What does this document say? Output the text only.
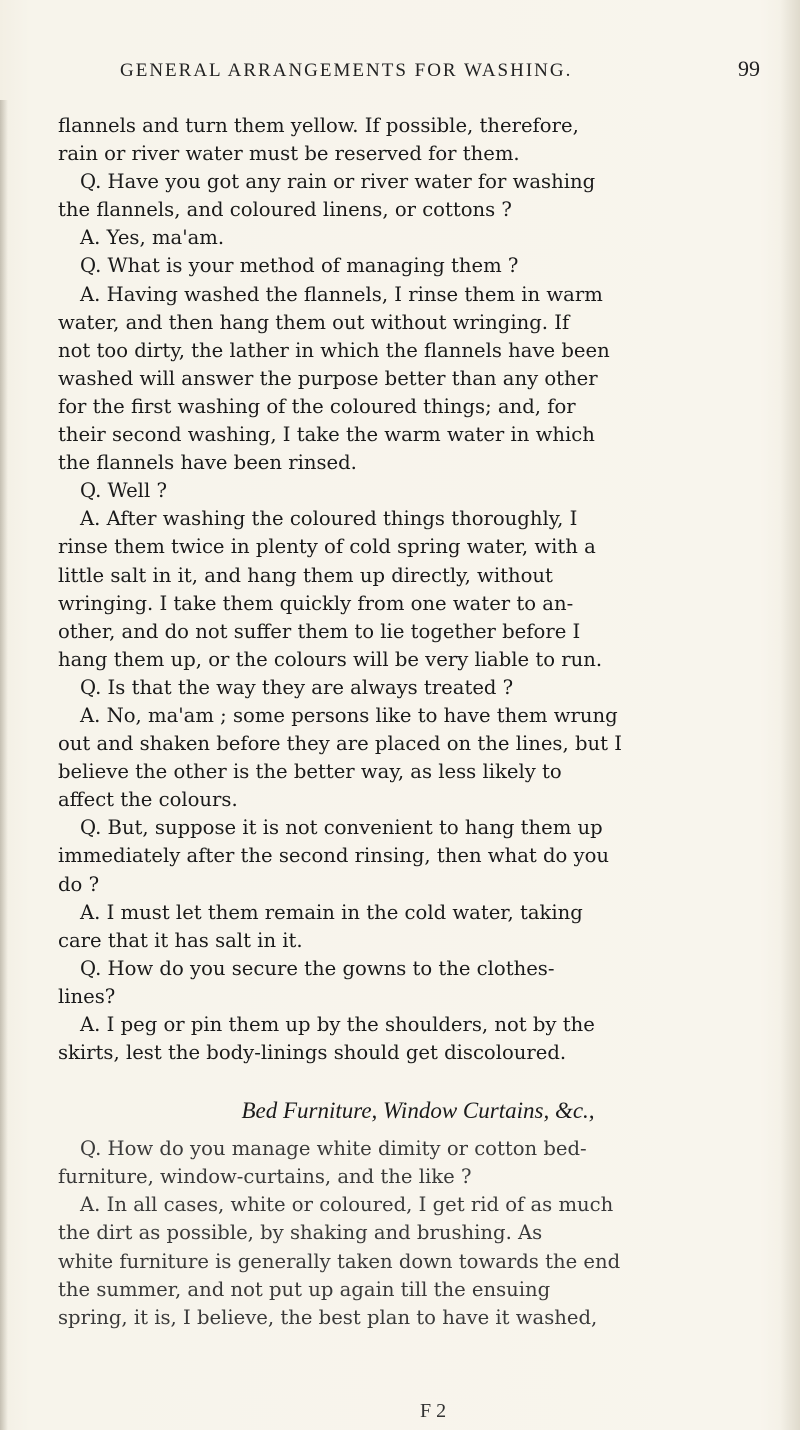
GENERAL ARRANGEMENTS FOR WASHING.	99
flannels and turn them yellow. If possible, therefore,
rain or river water must be reserved for them.
Q. Have you got any rain or river water for washing
the flannels, and coloured linens, or cottons ?
A. Yes, ma'am.
Q. What is your method of managing them ?
A. Having washed the flannels, I rinse them in warm
water, and then hang them out without wringing. If
not too dirty, the lather in which the flannels have been
washed will answer the purpose better than any other
for the first washing of the coloured things; and, for
their second washing, I take the warm water in which
the flannels have been rinsed.
Q. Well ?
A. After washing the coloured things thoroughly, I
rinse them twice in plenty of cold spring water, with a
little salt in it, and hang them up directly, without
wringing. I take them quickly from one water to an-
other, and do not suffer them to lie together before I
hang them up, or the colours will be very liable to run.
Q. Is that the way they are always treated ?
A. No, ma'am ; some persons like to have them wrung
out and shaken before they are placed on the lines, but I
believe the other is the better way, as less likely to
affect the colours.
Q. But, suppose it is not convenient to hang them up
immediately after the second rinsing, then what do you
do ?
A. I must let them remain in the cold water, taking
care that it has salt in it.
Q. How do you secure the gowns to the clothes-
lines?
A. I peg or pin them up by the shoulders, not by the
skirts, lest the body-linings should get discoloured.
Bed Furniture, Window Curtains, &c.,
Q. How do you manage white dimity or cotton bed-
furniture, window-curtains, and the like ?
A. In all cases, white or coloured, I get rid of as much
the dirt as possible, by shaking and brushing. As
white furniture is generally taken down towards the end
the summer, and not put up again till the ensuing
spring, it is, I believe, the best plan to have it washed,
F 2
